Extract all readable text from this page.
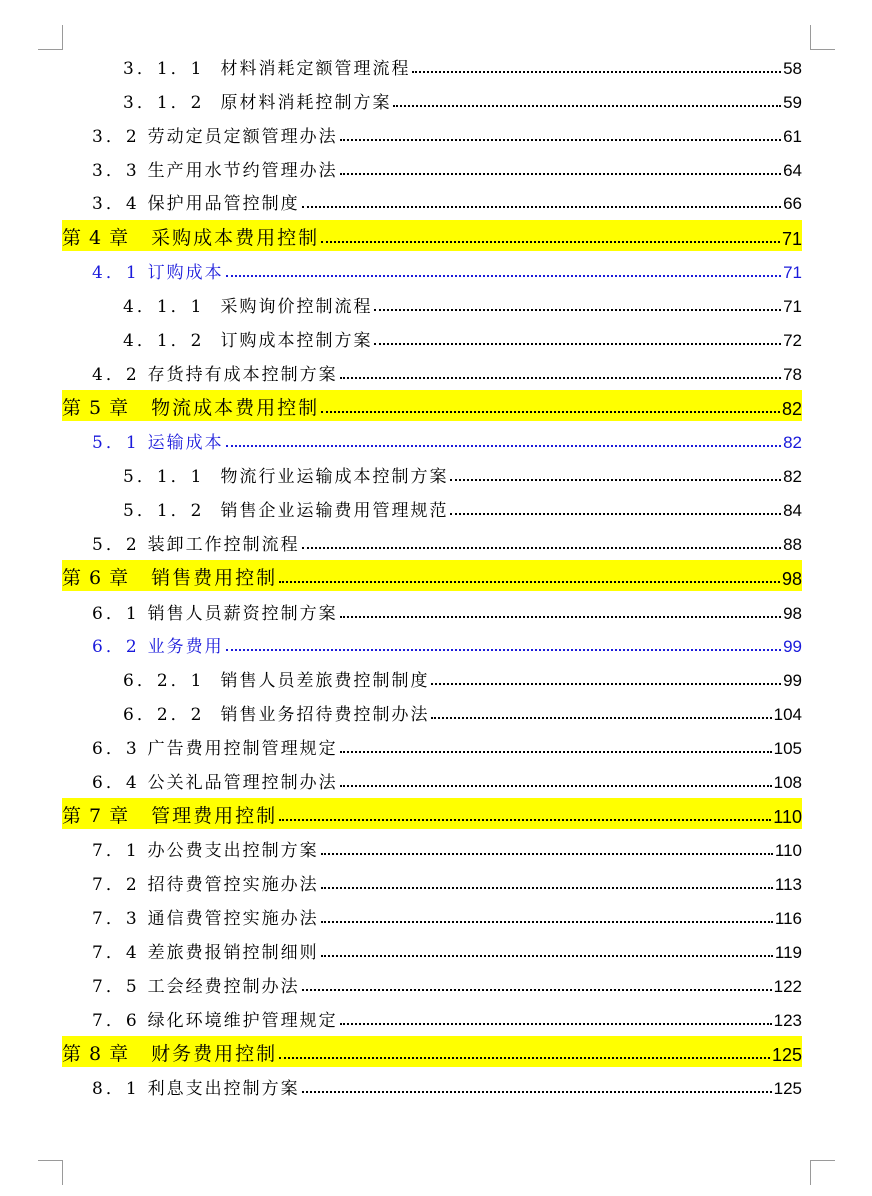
3．1．1 材料消耗定额管理流程	58
3．1．2 原材料消耗控制方案	59
3．2 劳动定员定额管理办法	61
3．3 生产用水节约管理办法	64
3．4 保护用品管控制度	66
第 4 章 采购成本费用控制	71
4．1 订购成本	71
4．1．1 采购询价控制流程	71
4．1．2 订购成本控制方案	72
4．2 存货持有成本控制方案	78
第 5 章 物流成本费用控制	82
5．1 运输成本	82
5．1．1 物流行业运输成本控制方案	82
5．1．2 销售企业运输费用管理规范	84
5．2 装卸工作控制流程	88
第 6 章 销售费用控制	98
6．1 销售人员薪资控制方案	98
6．2 业务费用	99
6．2．1 销售人员差旅费控制制度	99
6．2．2 销售业务招待费控制办法	104
6．3 广告费用控制管理规定	105
6．4 公关礼品管理控制办法	108
第 7 章 管理费用控制	110
7．1 办公费支出控制方案	110
7．2 招待费管控实施办法	113
7．3 通信费管控实施办法	116
7．4 差旅费报销控制细则	119
7．5 工会经费控制办法	122
7．6 绿化环境维护管理规定	123
第 8 章 财务费用控制	125
8．1 利息支出控制方案	125
